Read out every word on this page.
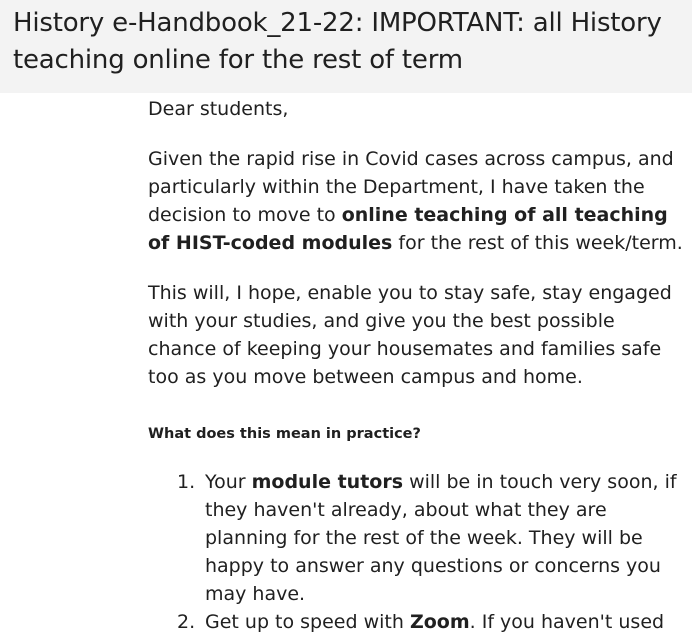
History e-Handbook_21-22: IMPORTANT: all History teaching online for the rest of term

Dear students,

Given the rapid rise in Covid cases across campus, and particularly within the Department, I have taken the decision to move to online teaching of all teaching of HIST-coded modules for the rest of this week/term.

This will, I hope, enable you to stay safe, stay engaged with your studies, and give you the best possible chance of keeping your housemates and families safe too as you move between campus and home.

What does this mean in practice?

1. Your module tutors will be in touch very soon, if they haven't already, about what they are planning for the rest of the week. They will be happy to answer any questions or concerns you may have.
2. Get up to speed with Zoom. If you haven't used
